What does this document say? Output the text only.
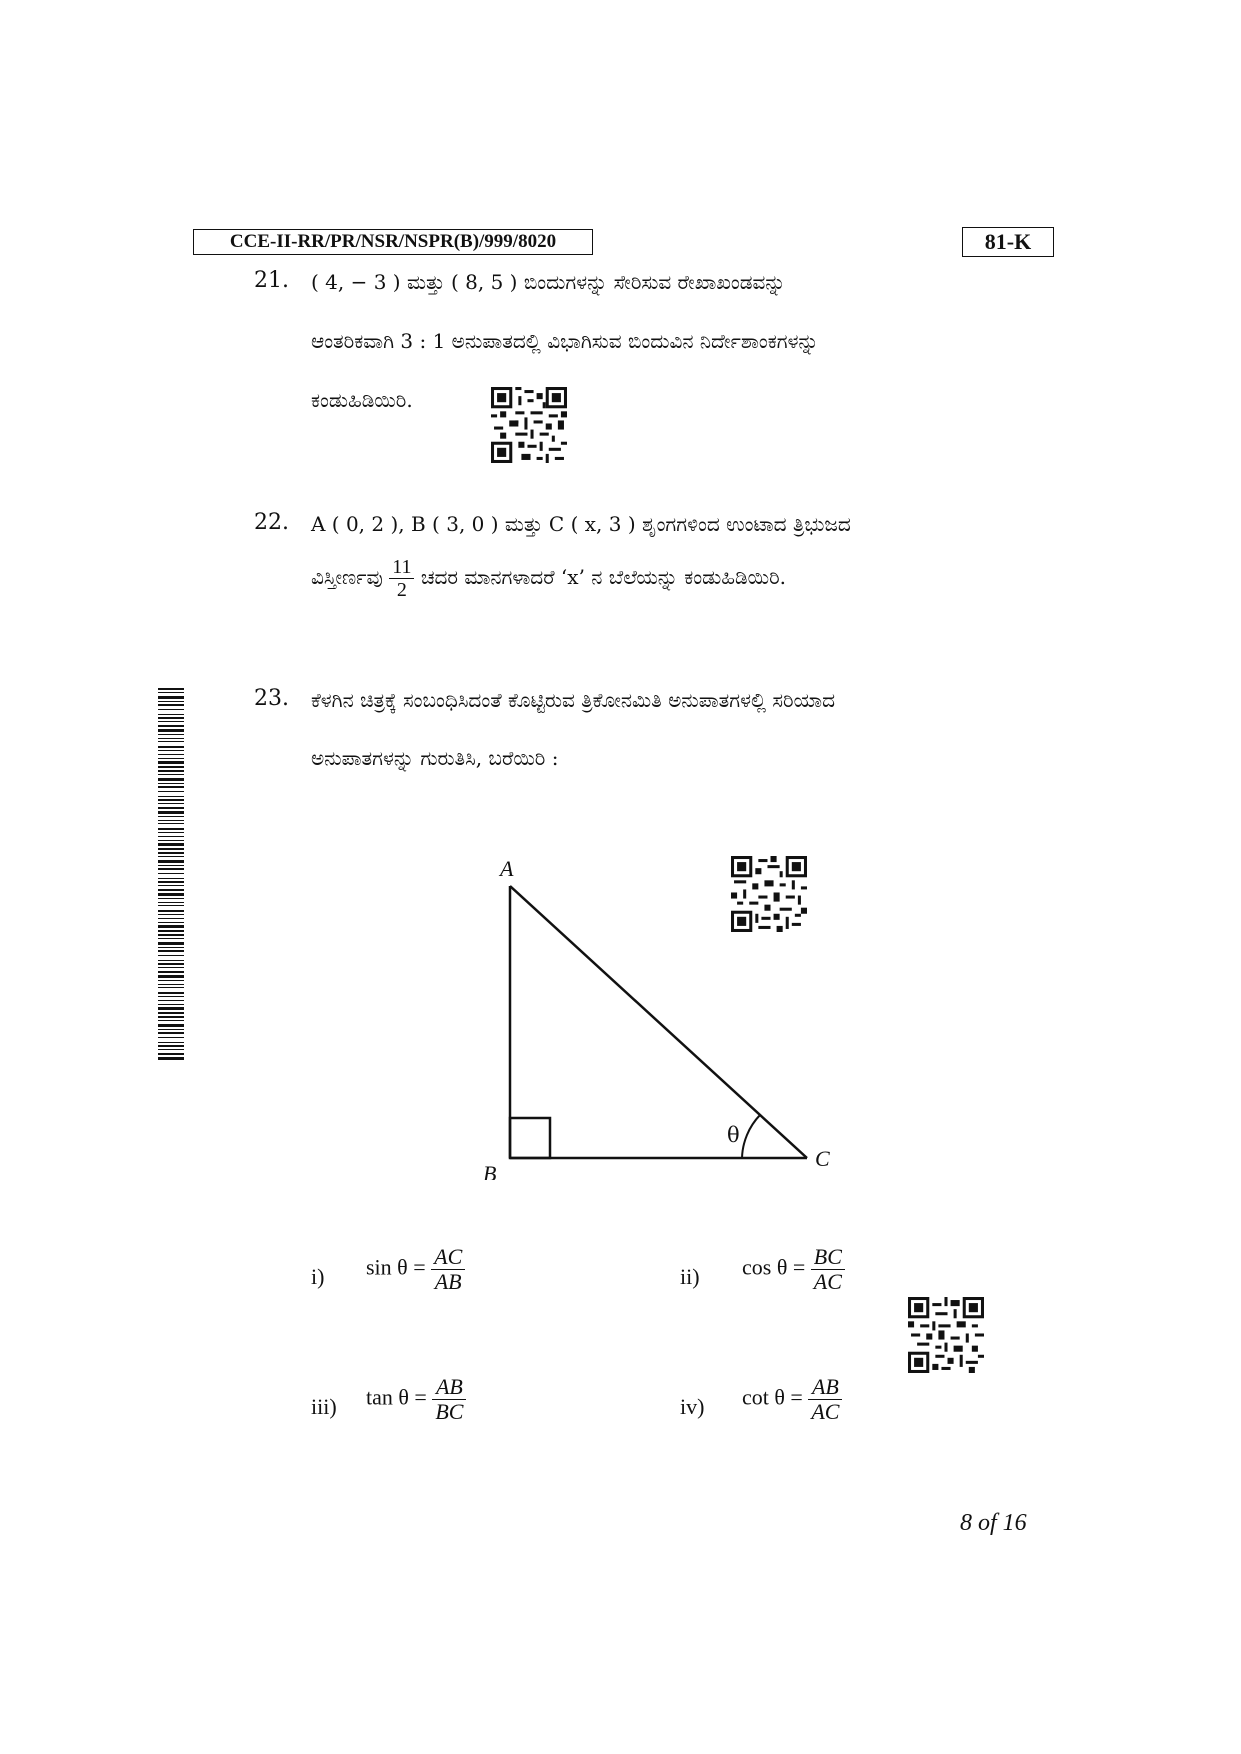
CCE-II-RR/PR/NSR/NSPR(B)/999/8020	81-K
21. ( 4, − 3 ) ಮತ್ತು ( 8, 5 ) ಬಿಂದುಗಳನ್ನು ಸೇರಿಸುವ ರೇಖಾಖಂಡವನ್ನು
ಆಂತರಿಕವಾಗಿ 3 : 1 ಅನುಪಾತದಲ್ಲಿ ವಿಭಾಗಿಸುವ ಬಿಂದುವಿನ ನಿರ್ದೇಶಾಂಕಗಳನ್ನು
ಕಂಡುಹಿಡಿಯಿರಿ.
22. A ( 0, 2 ), B ( 3, 0 ) ಮತ್ತು C ( x, 3 ) ಶೃಂಗಗಳಿಂದ ಉಂಟಾದ ತ್ರಿಭುಜದ
ವಿಸ್ತೀರ್ಣವು $\frac{11}{2}$ ಚದರ ಮಾನಗಳಾದರೆ ‘x’ ನ ಬೆಲೆಯನ್ನು ಕಂಡುಹಿಡಿಯಿರಿ.
23. ಕೆಳಗಿನ ಚಿತ್ರಕ್ಕೆ ಸಂಬಂಧಿಸಿದಂತೆ ಕೊಟ್ಟಿರುವ ತ್ರಿಕೋನಮಿತಿ ಅನುಪಾತಗಳಲ್ಲಿ ಸರಿಯಾದ
ಅನುಪಾತಗಳನ್ನು ಗುರುತಿಸಿ, ಬರೆಯಿರಿ :
A
B
C
θ
i) $\sin \theta = \frac{AC}{AB}$	ii) $\cos \theta = \frac{BC}{AC}$
iii) $\tan \theta = \frac{AB}{BC}$	iv) $\cot \theta = \frac{AB}{AC}$
8 of 16
